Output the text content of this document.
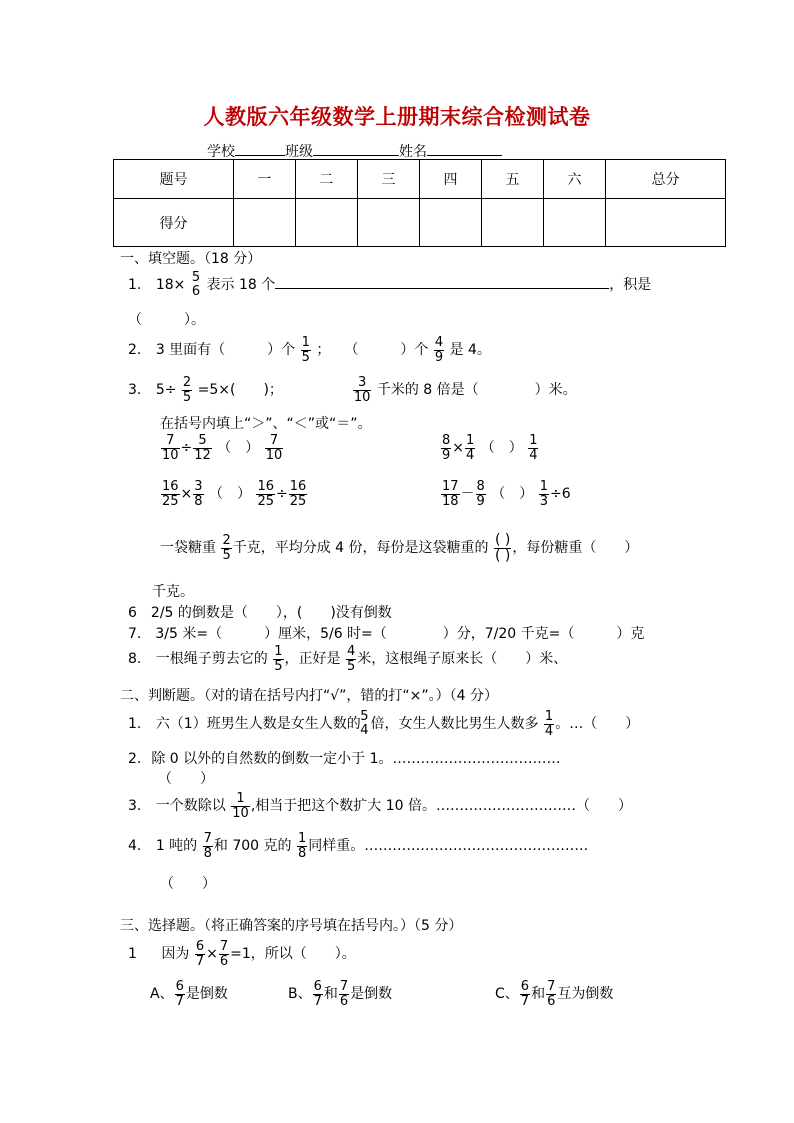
人教版六年级数学上册期末综合检测试卷
学校	班级	姓名
题号	一	二	三	四	五	六	总分
得分							
一、填空题。（18 分）
1. 18× 5
6 表示 18 个	，积是
（　　　）。
2. 3 里面有（　　　）个 $\frac{1}{5}$ ；　　（　　　）个 $\frac{4}{9}$ 是 4。
3. $5\div \frac{2}{5} =5\times$(　　)；	$\frac{3}{10}$ 千米的 8 倍是（　　　　）米。
在括号内填上“＞”、“＜”或“＝”。
$\frac{7}{10} \div \frac{5}{12}$ （　） $\frac{7}{10}$	$\frac{8}{9} \times \frac{1}{4}$ （　） $\frac{1}{4}$
$\frac{16}{25} \times \frac{3}{8}$ （　） $\frac{16}{25} \div \frac{16}{25}$	$\frac{17}{18} - \frac{8}{9}$ （　） $\frac{1}{3} \div 6$
一袋糖重 $\frac{2}{5}$ 千克，平均分成 4 份，每份是这袋糖重的 $\frac{( )}{( )}$ ，每份糖重（　　）
千克。
6　2/5 的倒数是（　　），(　　)没有倒数
7.　3/5 米=（　　　）厘米，5/6 时=（　　　　）分，7/20 千克=（　　　）克
8. 一根绳子剪去它的 $\frac{1}{5}$ ，正好是 $\frac{4}{5}$ 米，这根绳子原来长（　　）米、
二、判断题。（对的请在括号内打“√”，错的打“×”。）（4 分）
1. 六（1）班男生人数是女生人数的 5
4 倍，女生人数比男生人数多 $\frac{1}{4}$ 。…（　　）
2. 除 0 以外的自然数的倒数一定小于 1。………………………………
（　　）
3. 一个数除以 $\frac{1}{10}$ ,相当于把这个数扩大 10 倍。…………………………（　　）
4. 1 吨的 $\frac{7}{8}$ 和 700 克的 $\frac{1}{8}$ 同样重。…………………………………………
（　　）
三、选择题。（将正确答案的序号填在括号内。）（5 分）
1 因为 $\frac{6}{7} \times \frac{7}{6} =1$，所以（　　）。
A、 $\frac{6}{7}$ 是倒数	B、 $\frac{6}{7}$ 和 $\frac{7}{6}$ 是倒数	C、 $\frac{6}{7}$ 和 $\frac{7}{6}$ 互为倒数
